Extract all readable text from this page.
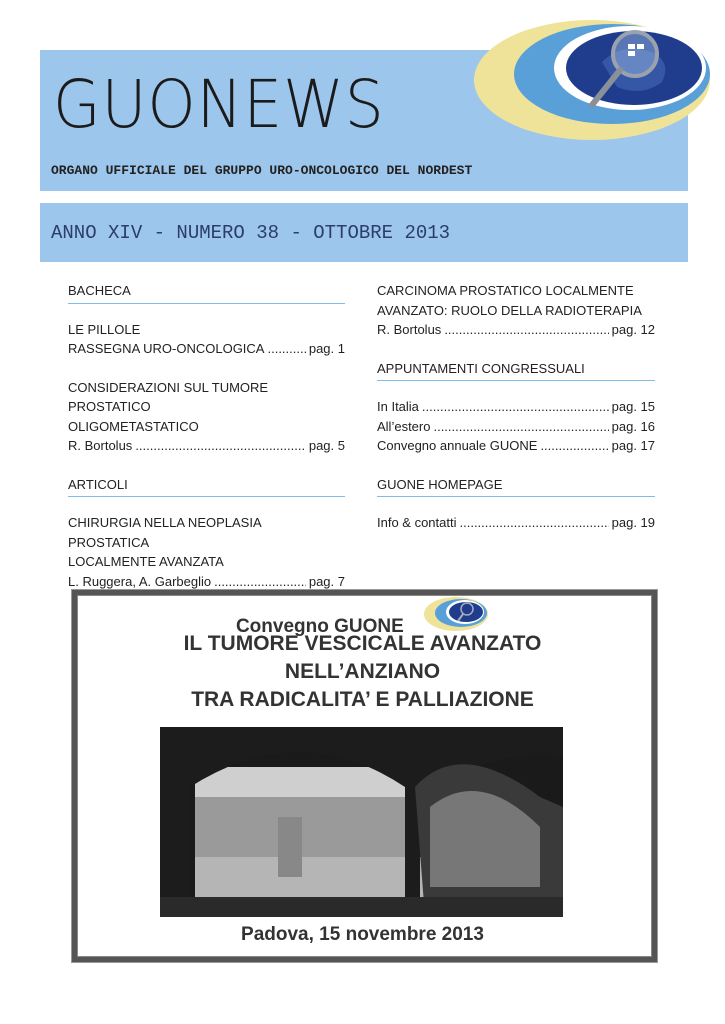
GUONEWS
ORGANO UFFICIALE DEL GRUPPO URO-ONCOLOGICO DEL NORDEST
ANNO XIV - NUMERO 38 - OTTOBRE 2013
BACHECA
LE PILLOLE
RASSEGNA URO-ONCOLOGICA .....	pag. 1
CONSIDERAZIONI SUL TUMORE PROSTATICO
OLIGOMETASTATICO
R. Bortolus .....	pag. 5
ARTICOLI
CHIRURGIA NELLA NEOPLASIA PROSTATICA
LOCALMENTE AVANZATA
L. Ruggera, A. Garbeglio .....	pag. 7
CARCINOMA PROSTATICO LOCALMENTE
AVANZATO: RUOLO DELLA RADIOTERAPIA
R. Bortolus .....	pag. 12
APPUNTAMENTI CONGRESSUALI
In Italia .....	pag. 15
All’estero .....	pag. 16
Convegno annuale GUONE .....	pag. 17
GUONE HOMEPAGE
Info & contatti .....	pag. 19
Convegno GUONE
IL TUMORE VESCICALE AVANZATO
NELL’ANZIANO
TRA RADICALITA’ E PALLIAZIONE
Padova, 15 novembre 2013
